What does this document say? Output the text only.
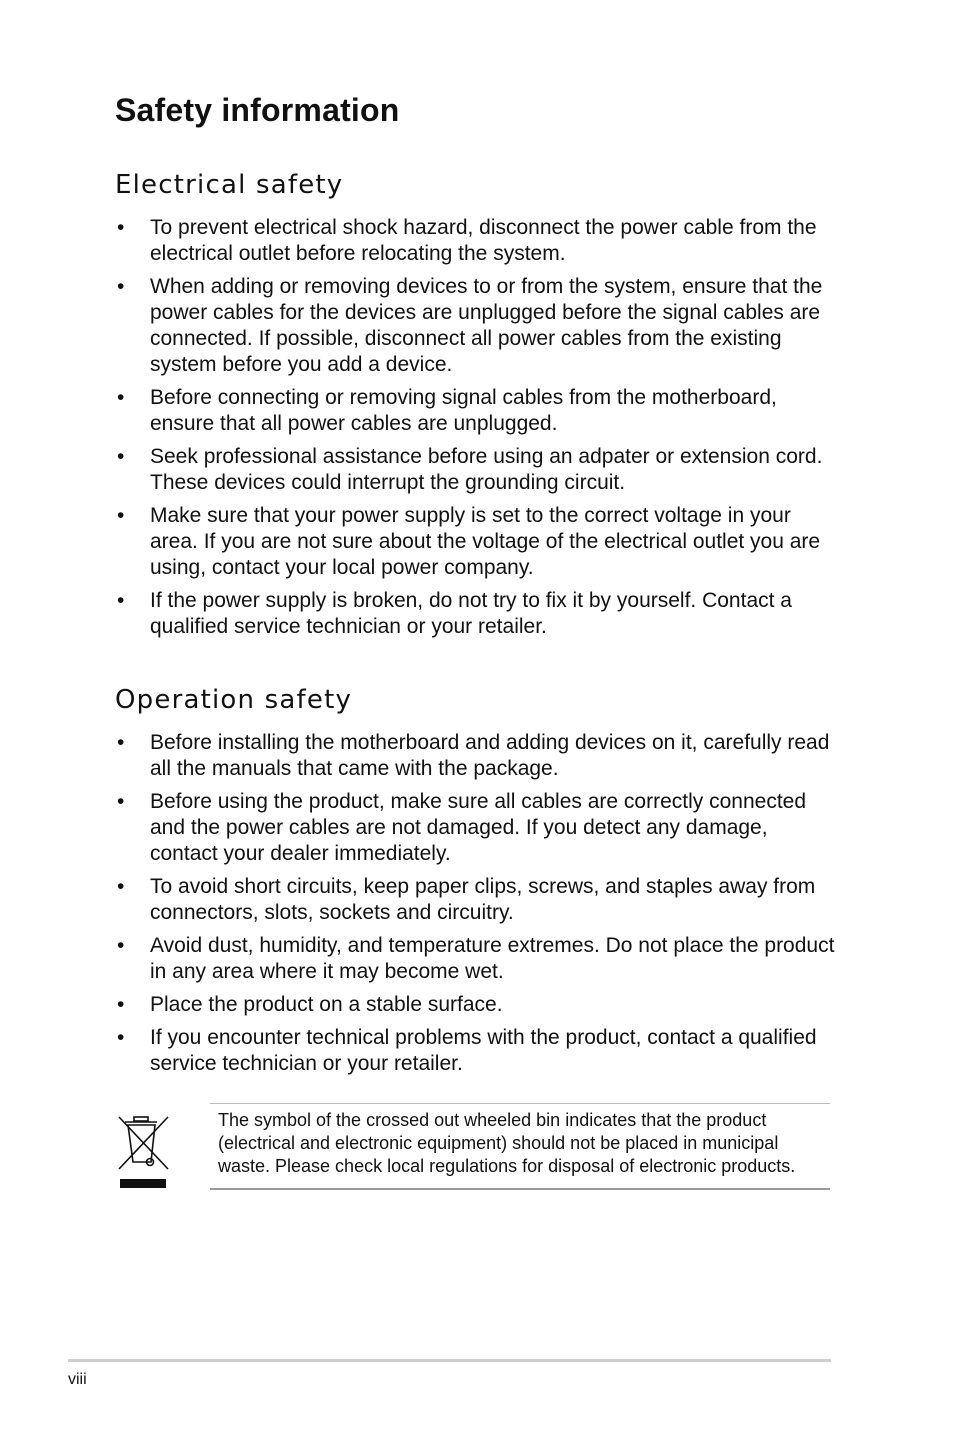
Safety information
Electrical safety
• To prevent electrical shock hazard, disconnect the power cable from the electrical outlet before relocating the system.
• When adding or removing devices to or from the system, ensure that the power cables for the devices are unplugged before the signal cables are connected. If possible, disconnect all power cables from the existing system before you add a device.
• Before connecting or removing signal cables from the motherboard, ensure that all power cables are unplugged.
• Seek professional assistance before using an adpater or extension cord. These devices could interrupt the grounding circuit.
• Make sure that your power supply is set to the correct voltage in your area. If you are not sure about the voltage of the electrical outlet you are using, contact your local power company.
• If the power supply is broken, do not try to fix it by yourself. Contact a qualified service technician or your retailer.
Operation safety
• Before installing the motherboard and adding devices on it, carefully read all the manuals that came with the package.
• Before using the product, make sure all cables are correctly connected and the power cables are not damaged. If you detect any damage, contact your dealer immediately.
• To avoid short circuits, keep paper clips, screws, and staples away from connectors, slots, sockets and circuitry.
• Avoid dust, humidity, and temperature extremes. Do not place the product in any area where it may become wet.
• Place the product on a stable surface.
• If you encounter technical problems with the product, contact a qualified service technician or your retailer.

The symbol of the crossed out wheeled bin indicates that the product (electrical and electronic equipment) should not be placed in municipal waste. Please check local regulations for disposal of electronic products.

viii
